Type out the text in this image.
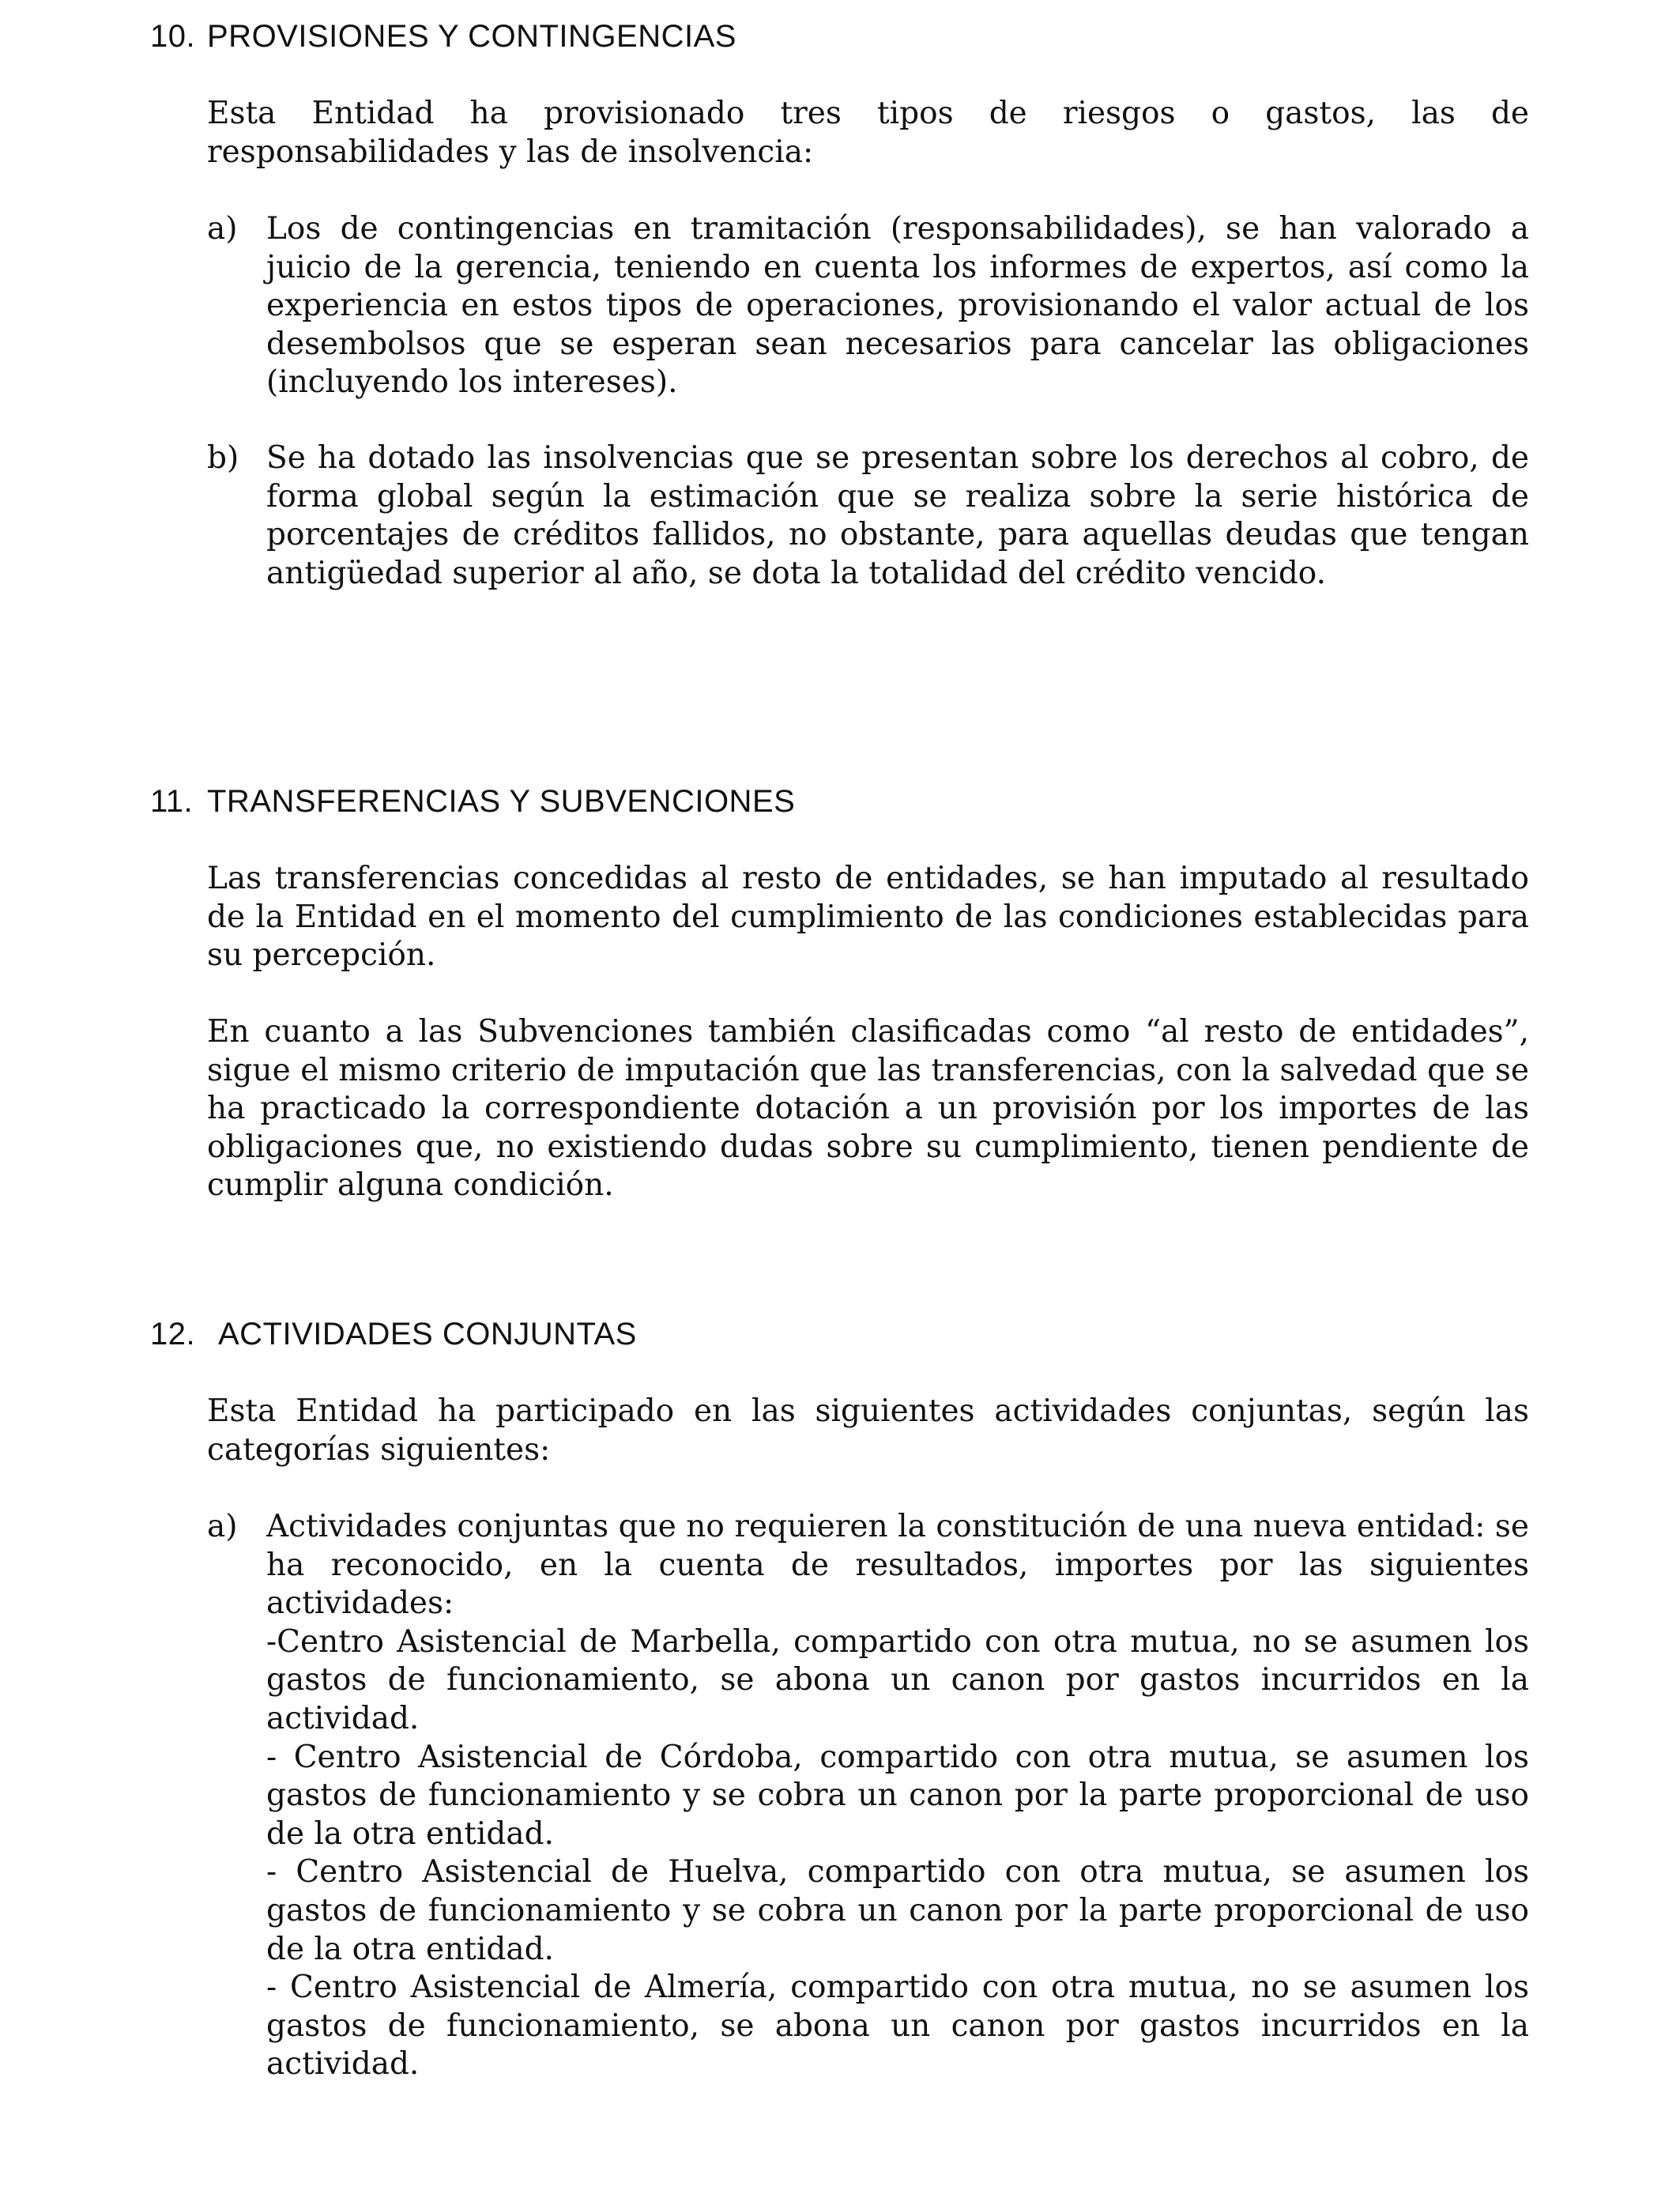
10. PROVISIONES Y CONTINGENCIAS

Esta Entidad ha provisionado tres tipos de riesgos o gastos, las de responsabilidades y las de insolvencia:

a) Los de contingencias en tramitación (responsabilidades), se han valorado a juicio de la gerencia, teniendo en cuenta los informes de expertos, así como la experiencia en estos tipos de operaciones, provisionando el valor actual de los desembolsos que se esperan sean necesarios para cancelar las obligaciones (incluyendo los intereses).
b) Se ha dotado las insolvencias que se presentan sobre los derechos al cobro, de forma global según la estimación que se realiza sobre la serie histórica de porcentajes de créditos fallidos, no obstante, para aquellas deudas que tengan antigüedad superior al año, se dota la totalidad del crédito vencido.
11. TRANSFERENCIAS Y SUBVENCIONES

Las transferencias concedidas al resto de entidades, se han imputado al resultado de la Entidad en el momento del cumplimiento de las condiciones establecidas para su percepción.

En cuanto a las Subvenciones también clasificadas como “al resto de entidades”, sigue el mismo criterio de imputación que las transferencias, con la salvedad que se ha practicado la correspondiente dotación a un provisión por los importes de las obligaciones que, no existiendo dudas sobre su cumplimiento, tienen pendiente de cumplir alguna condición.

12. ACTIVIDADES CONJUNTAS

Esta Entidad ha participado en las siguientes actividades conjuntas, según las categorías siguientes:

a) Actividades conjuntas que no requieren la constitución de una nueva entidad: se ha reconocido, en la cuenta de resultados, importes por las siguientes actividades:

-Centro Asistencial de Marbella, compartido con otra mutua, no se asumen los gastos de funcionamiento, se abona un canon por gastos incurridos en la actividad.

- Centro Asistencial de Córdoba, compartido con otra mutua, se asumen los gastos de funcionamiento y se cobra un canon por la parte proporcional de uso de la otra entidad.

- Centro Asistencial de Huelva, compartido con otra mutua, se asumen los gastos de funcionamiento y se cobra un canon por la parte proporcional de uso de la otra entidad.

- Centro Asistencial de Almería, compartido con otra mutua, no se asumen los gastos de funcionamiento, se abona un canon por gastos incurridos en la actividad.
